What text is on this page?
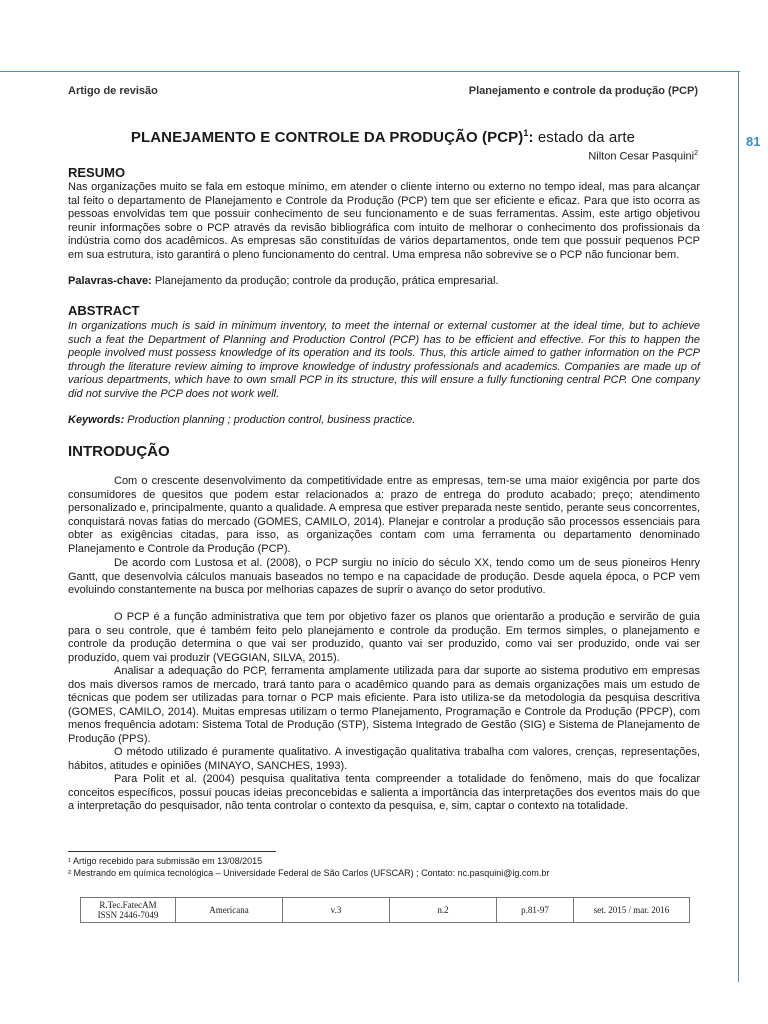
81
Artigo de revisão	Planejamento e controle da produção (PCP)
PLANEJAMENTO E CONTROLE DA PRODUÇÃO (PCP)$^1$: estado da arte
Nilton Cesar Pasquini$^2$
RESUMO

Nas organizações muito se fala em estoque mínimo, em atender o cliente interno ou externo no tempo ideal, mas para alcançar tal feito o departamento de Planejamento e Controle da Produção (PCP) tem que ser eficiente e eficaz. Para que isto ocorra as pessoas envolvidas tem que possuir conhecimento de seu funcionamento e de suas ferramentas. Assim, este artigo objetivou reunir informações sobre o PCP através da revisão bibliográfica com intuito de melhorar o conhecimento dos profissionais da indústria como dos acadêmicos. As empresas são constituídas de vários departamentos, onde tem que possuir pequenos PCP em sua estrutura, isto garantirá o pleno funcionamento do central. Uma empresa não sobrevive se o PCP não funcionar bem.

Palavras-chave: Planejamento da produção; controle da produção, prática empresarial.

ABSTRACT

In organizations much is said in minimum inventory, to meet the internal or external customer at the ideal time, but to achieve such a feat the Department of Planning and Production Control (PCP) has to be efficient and effective. For this to happen the people involved must possess knowledge of its operation and its tools. Thus, this article aimed to gather information on the PCP through the literature review aiming to improve knowledge of industry professionals and academics. Companies are made up of various departments, which have to own small PCP in its structure, this will ensure a fully functioning central PCP. One company did not survive the PCP does not work well.

Keywords: Production planning ; production control, business practice.

INTRODUÇÃO

Com o crescente desenvolvimento da competitividade entre as empresas, tem-se uma maior exigência por parte dos consumidores de quesitos que podem estar relacionados a: prazo de entrega do produto acabado; preço; atendimento personalizado e, principalmente, quanto a qualidade. A empresa que estiver preparada neste sentido, perante seus concorrentes, conquistará novas fatias do mercado (GOMES, CAMILO, 2014). Planejar e controlar a produção são processos essenciais para obter as exigências citadas, para isso, as organizações contam com uma ferramenta ou departamento denominado Planejamento e Controle da Produção (PCP).

De acordo com Lustosa et al. (2008), o PCP surgiu no início do século XX, tendo como um de seus pioneiros Henry Gantt, que desenvolvia cálculos manuais baseados no tempo e na capacidade de produção. Desde aquela época, o PCP vem evoluindo constantemente na busca por melhorias capazes de suprir o avanço do setor produtivo.

O PCP é a função administrativa que tem por objetivo fazer os planos que orientarão a produção e servirão de guia para o seu controle, que é também feito pelo planejamento e controle da produção. Em termos simples, o planejamento e controle da produção determina o que vai ser produzido, quanto vai ser produzido, como vai ser produzido, onde vai ser produzido, quem vai produzir (VEGGIAN, SILVA, 2015).

Analisar a adequação do PCP, ferramenta amplamente utilizada para dar suporte ao sistema produtivo em empresas dos mais diversos ramos de mercado, trará tanto para o acadêmico quando para as demais organizações mais um estudo de técnicas que podem ser utilizadas para tornar o PCP mais eficiente. Para isto utiliza-se da metodologia da pesquisa descritiva (GOMES, CAMILO, 2014). Muitas empresas utilizam o termo Planejamento, Programação e Controle da Produção (PPCP), com menos frequência adotam: Sistema Total de Produção (STP), Sistema Integrado de Gestão (SIG) e Sistema de Planejamento de Produção (PPS).

O método utilizado é puramente qualitativo. A investigação qualitativa trabalha com valores, crenças, representações, hábitos, atitudes e opiniões (MINAYO, SANCHES, 1993).

Para Polit et al. (2004) pesquisa qualitativa tenta compreender a totalidade do fenômeno, mais do que focalizar conceitos específicos, possui poucas ideias preconcebidas e salienta a importância das interpretações dos eventos mais do que a interpretação do pesquisador, não tenta controlar o contexto da pesquisa, e, sim, captar o contexto na totalidade.

¹ Artigo recebido para submissão em 13/08/2015
² Mestrando em química tecnológica – Universidade Federal de São Carlos (UFSCAR) ; Contato: nc.pasquini@ig.com.br
R.Tec.FatecAM
ISSN 2446-7049	Americana	v.3	n.2	p.81-97	set. 2015 / mar. 2016
